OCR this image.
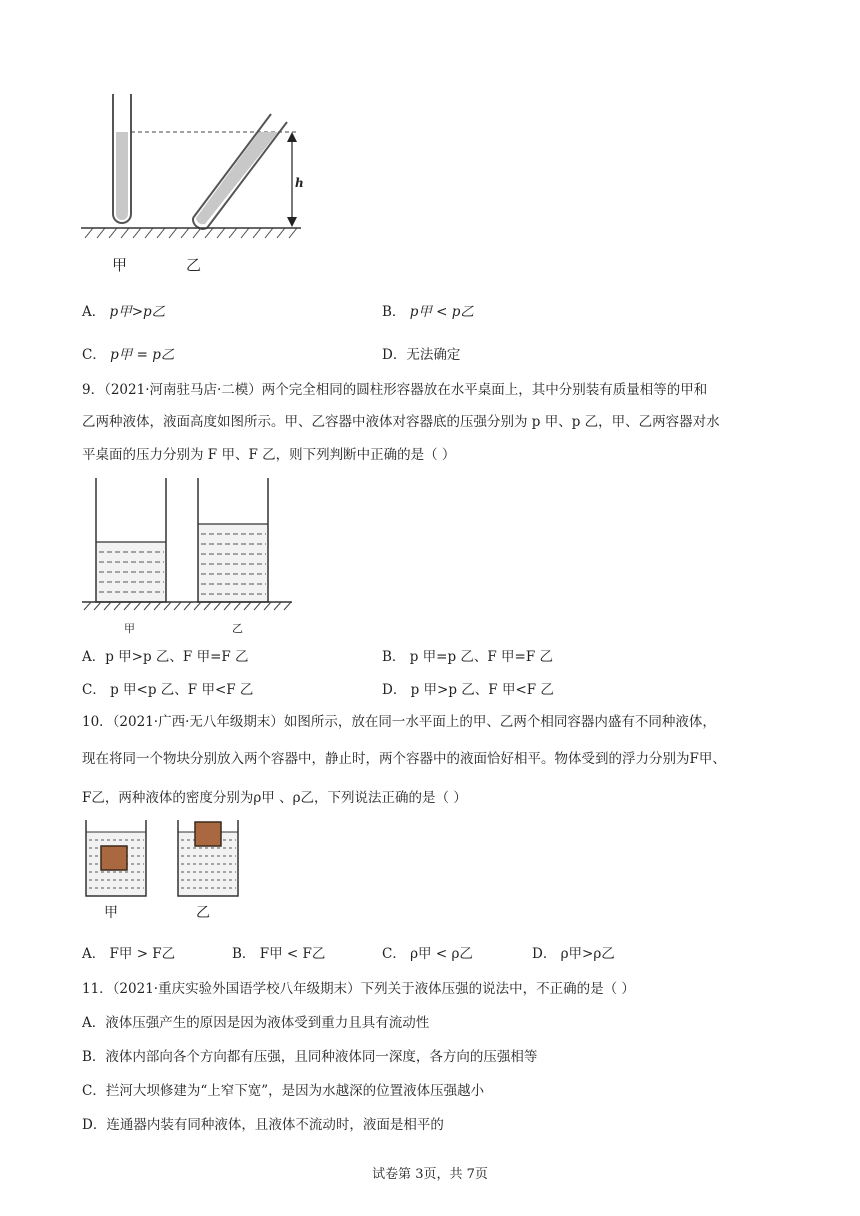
h
甲	乙
A． p甲>p乙	B． p甲 < p乙
C． p甲 = p乙	D．无法确定
9．（2021·河南驻马店·二模）两个完全相同的圆柱形容器放在水平桌面上，其中分别装有质量相等的甲和
乙两种液体，液面高度如图所示。甲、乙容器中液体对容器底的压强分别为 p 甲、p 乙，甲、乙两容器对水
平桌面的压力分别为 F 甲、F 乙，则下列判断中正确的是（ ）
甲	乙
A．p 甲>p 乙、F 甲=F 乙	B． p 甲=p 乙、F 甲=F 乙
C． p 甲<p 乙、F 甲<F 乙	D． p 甲>p 乙、F 甲<F 乙
10．（2021·广西·无八年级期末）如图所示，放在同一水平面上的甲、乙两个相同容器内盛有不同种液体，
现在将同一个物块分别放入两个容器中，静止时，两个容器中的液面恰好相平。物体受到的浮力分别为F甲、
F乙，两种液体的密度分别为ρ甲 、ρ乙，下列说法正确的是（ ）
甲	乙
A． F甲 > F乙	B． F甲 < F乙	C． ρ甲 < ρ乙	D． ρ甲>ρ乙
11．（2021·重庆实验外国语学校八年级期末）下列关于液体压强的说法中，不正确的是（ ）
A．液体压强产生的原因是因为液体受到重力且具有流动性
B．液体内部向各个方向都有压强，且同种液体同一深度，各方向的压强相等
C．拦河大坝修建为“上窄下宽”，是因为水越深的位置液体压强越小
D．连通器内装有同种液体，且液体不流动时，液面是相平的
试卷第 3页，共 7页
